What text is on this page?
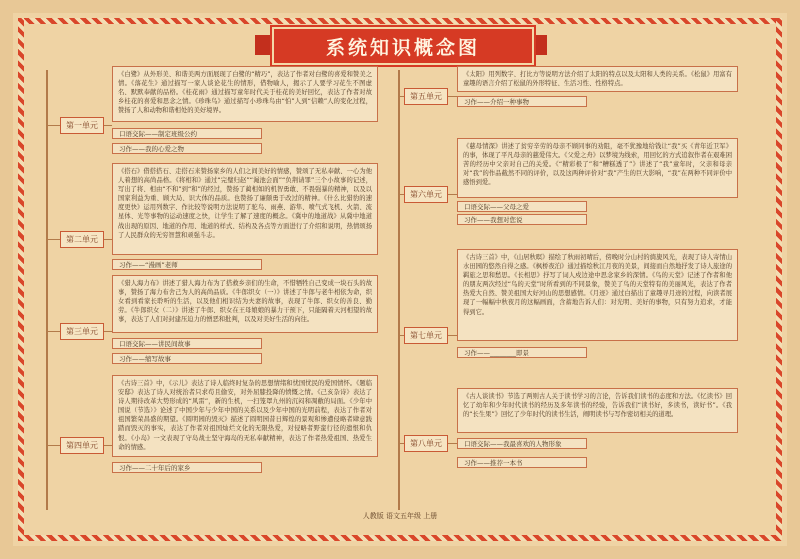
系统知识概念图
第一单元
《白鹭》从外形美、和谐美两方面展现了白鹭的“精巧”，表达了作者对白鹭的喜爱和赞美之情。《落花生》通过描写一家人谈论花生的情形，借物喻人，揭示了人要学习花生不图虚名、默默奉献的品格。《桂花雨》通过描写童年时代关于桂花的美好回忆，表达了作者对故乡桂花的喜爱和思念之情。《珍珠鸟》通过描写小珍珠鸟由“怕”人到“信赖”人的变化过程，赞扬了人和动物和谐相处的美好境界。
口语交际——制定班级公约
习作——我的心爱之物
第二单元
《搭石》借搭搭石、走搭石来赞扬家乡的人们之间美好的情感，赞颂了无私奉献、一心为他人着想的高尚品格。《将相和》通过“完璧归赵”“渑池会面”“负荆请罪”三个小故事的记述，写出了将、相由“不和”到“和”的经过，赞扬了蔺相如的机智勇敢、不畏强暴的精神，以及以国家利益为重、顾大局、识大体的品质。也赞扬了廉颇勇于改过的精神。《什么比猎豹的速度更快》运用列数字、作比较等说明方法说明了驼鸟、雨燕、游隼、喷气式飞机、火箭、流星体、光等事物的运动速度之快，让学生了解了速度的概念。《冀中的地道战》从冀中地道战出现的原因、地道的作用、地道的样式、结构及各点等方面进行了介绍和说明，热情颂扬了人民群众的无穷智慧和顽强斗志。
习作——“漫画”老师
第三单元
《猎人海力布》讲述了猎人海力布为了搭救乡亲们的生命，不惜牺牲自己变成一块石头的故事，赞扬了海力布舍己为人的高尚品质。《牛郎织女（一）》讲述了牛郎与老牛相依为命，织女看到看家长聆听的生活，以及他们相识结为夫妻的故事，表现了牛郎、织女的善良、勤劳。《牛郎织女（二）》讲述了牛郎、织女在王母娘娘的暴力干预下，只能隔着天河相望的故事，表达了人们对封建压迫力的憎恶和批判，以及对美好生活的向往。
口语交际——讲民间故事
习作——缩写故事
第四单元
《古诗三首》中，《示儿》表达了诗人临终时复杂的思想情绪和忧国忧民的爱国情怀。《题临安邸》表达了诗人对统治者只求苟且偷安，对外屈膝投降的愤慨之情。《己亥杂诗》表达了诗人期待改革大势形成的“风雷”，新的生机，一扫笼罩九州的沉闷和凋敝的局面。《少年中国说（节选）》论述了中国少年与少年中国的关系以及少年中国的光明前程，表达了作者对祖国繁荣昌盛的期望。《圆明园的毁灭》描述了圆明园昔日辉煌的景观和惨遭侵略者肆意践踏而毁灭的事实，表达了作者对祖国灿烂文化的无限热爱，对侵略者野蛮行径的遗恨和仇恨。《小岛》一文表现了守岛战士坚守海岛的无私奉献精神，表达了作者热爱祖国、热爱生命的情感。
习作——二十年后的家乡
第五单元
《太阳》用列数字、打比方等说明方法介绍了太阳的特点以及太阳和人类的关系。《松鼠》用富有童趣的语言介绍了松鼠的外形特征、生活习性、性格特点。
习作——介绍一种事物
第六单元
《慈母情深》讲述了贫穷辛劳的母亲不顾同事的劝阻，毫不犹豫地给钱让“我”买《青年近卫军》的事，体现了平凡母亲的慈爱伟大。《父爱之舟》以梦境为线索，用回忆的方式追叙作者在艰难困苦的经历中父亲对自己的关爱。《“精彩极了”和“糟糕透了”》讲述了“我”童年时，父亲和母亲对“我”的作品截然不同的评价，以及这两种评价对“我”产生的巨大影响，“我”在两种不同评价中感悟到爱。
口语交际——父母之爱
习作——我想对您说
第七单元
《古诗三首》中，《山居秋暝》描绘了秋雨初晴后，傍晚时分山村的旖旎风光，表现了诗人寄情山水田园的悠然自得之感。《枫桥夜泊》通过描绘秋江月夜的美景，间接而自然地抒发了诗人旅途的羁旅之思和愁思。《长相思》抒写了词人戍边途中思念家乡的深情。《鸟的天堂》记述了作者和他的朋友两次经过“鸟的天堂”时所看到的不同景象，赞美了鸟的天堂特有的美丽风光，表达了作者热爱大自然、赞美祖国大好河山的思想感情。《月迹》通过白描出了童趣寻月迹的过程，向读者展现了一幅幅中秋夜月的这幅画面，含蓄地告诉人们：对光明、美好的事物，只有努力追求，才能得到它。
习作——________即景
第八单元
《古人谈读书》节选了两则古人关于读书学习的言论，告诉我们读书的态度和方法。《忆读书》回忆了幼年和少年时代读书的经历及多年读书的经验，告诉我们“读书好，多读书，读好书”。《我的“长生果”》回忆了少年时代的读书生活，阐明读书与写作密切相关的道理。
口语交际——我最喜欢的人物形象
习作——推荐一本书
人教版 语文五年级 上册
